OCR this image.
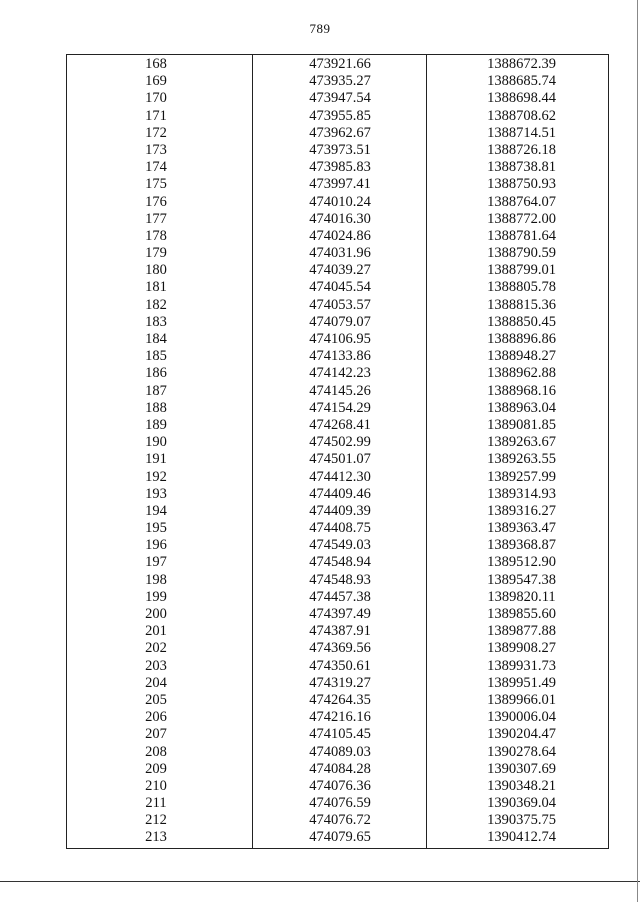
789
168	473921.66	1388672.39
169	473935.27	1388685.74
170	473947.54	1388698.44
171	473955.85	1388708.62
172	473962.67	1388714.51
173	473973.51	1388726.18
174	473985.83	1388738.81
175	473997.41	1388750.93
176	474010.24	1388764.07
177	474016.30	1388772.00
178	474024.86	1388781.64
179	474031.96	1388790.59
180	474039.27	1388799.01
181	474045.54	1388805.78
182	474053.57	1388815.36
183	474079.07	1388850.45
184	474106.95	1388896.86
185	474133.86	1388948.27
186	474142.23	1388962.88
187	474145.26	1388968.16
188	474154.29	1388963.04
189	474268.41	1389081.85
190	474502.99	1389263.67
191	474501.07	1389263.55
192	474412.30	1389257.99
193	474409.46	1389314.93
194	474409.39	1389316.27
195	474408.75	1389363.47
196	474549.03	1389368.87
197	474548.94	1389512.90
198	474548.93	1389547.38
199	474457.38	1389820.11
200	474397.49	1389855.60
201	474387.91	1389877.88
202	474369.56	1389908.27
203	474350.61	1389931.73
204	474319.27	1389951.49
205	474264.35	1389966.01
206	474216.16	1390006.04
207	474105.45	1390204.47
208	474089.03	1390278.64
209	474084.28	1390307.69
210	474076.36	1390348.21
211	474076.59	1390369.04
212	474076.72	1390375.75
213	474079.65	1390412.74
